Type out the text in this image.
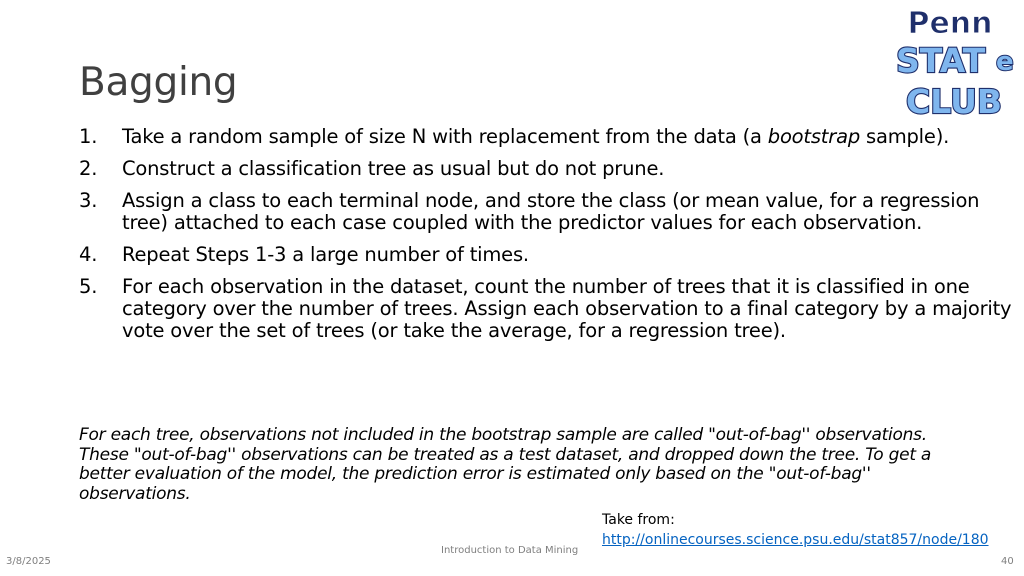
Bagging
Penn
STAT e
CLUB
1. Take a random sample of size N with replacement from the data (a bootstrap sample).
2. Construct a classification tree as usual but do not prune.
3. Assign a class to each terminal node, and store the class (or mean value, for a regression tree) attached to each case coupled with the predictor values for each observation.
4. Repeat Steps 1-3 a large number of times.
5. For each observation in the dataset, count the number of trees that it is classified in one category over the number of trees. Assign each observation to a final category by a majority vote over the set of trees (or take the average, for a regression tree).
For each tree, observations not included in the bootstrap sample are called "out-of-bag'' observations. These "out-of-bag'' observations can be treated as a test dataset, and dropped down the tree. To get a better evaluation of the model, the prediction error is estimated only based on the "out-of-bag'' observations.
Take from:
http://onlinecourses.science.psu.edu/stat857/node/180
Introduction to Data Mining
3/8/2025	40
